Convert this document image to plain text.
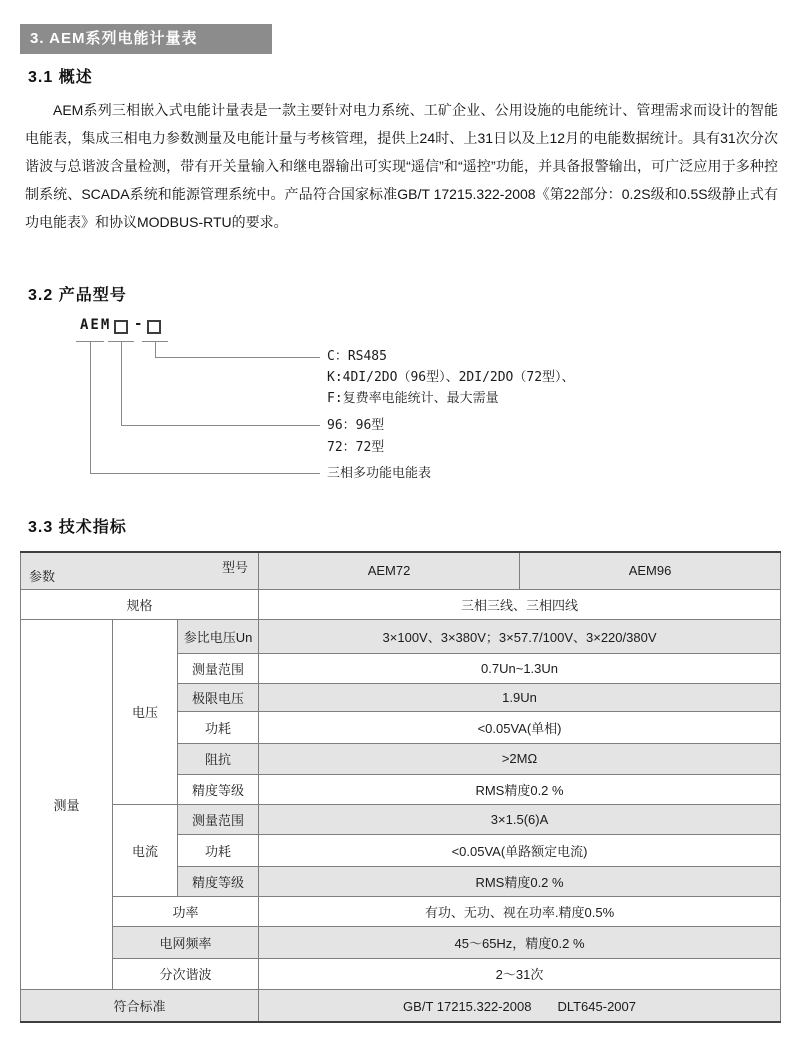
3. AEM系列电能计量表
3.1 概述
AEM系列三相嵌入式电能计量表是一款主要针对电力系统、工矿企业、公用设施的电能统计、管理需求而设计的智能电能表，集成三相电力参数测量及电能计量与考核管理，提供上24时、上31日以及上12月的电能数据统计。具有31次分次谐波与总谐波含量检测，带有开关量输入和继电器输出可实现“遥信”和“遥控”功能，并具备报警输出，可广泛应用于多种控制系统、SCADA系统和能源管理系统中。产品符合国家标准GB/T 17215.322-2008《第22部分：0.2S级和0.5S级静止式有功电能表》和协议MODBUS-RTU的要求。
3.2 产品型号
AEM -
C：RS485
K:4DI/2DO（96型）、2DI/2DO（72型）、
F:复费率电能统计、最大需量
96：96型
72：72型
三相多功能电能表
3.3 技术指标
型号
参数			AEM72	AEM96
规格			三相三线、三相四线	
测量	电压	参比电压Un	3×100V、3×380V；3×57.7/100V、3×220/380V	
		测量范围	0.7Un~1.3Un	
		极限电压	1.9Un	
		功耗	<0.05VA(单相)	
		阻抗	>2MΩ	
		精度等级	RMS精度0.2 %	
	电流	测量范围	3×1.5(6)A	
		功耗	<0.05VA(单路额定电流)	
		精度等级	RMS精度0.2 %	
	功率		有功、无功、视在功率.精度0.5%	
	电网频率		45～65Hz，精度0.2 %	
	分次谐波		2～31次	
符合标准			GB/T 17215.322-2008　　DLT645-2007	
